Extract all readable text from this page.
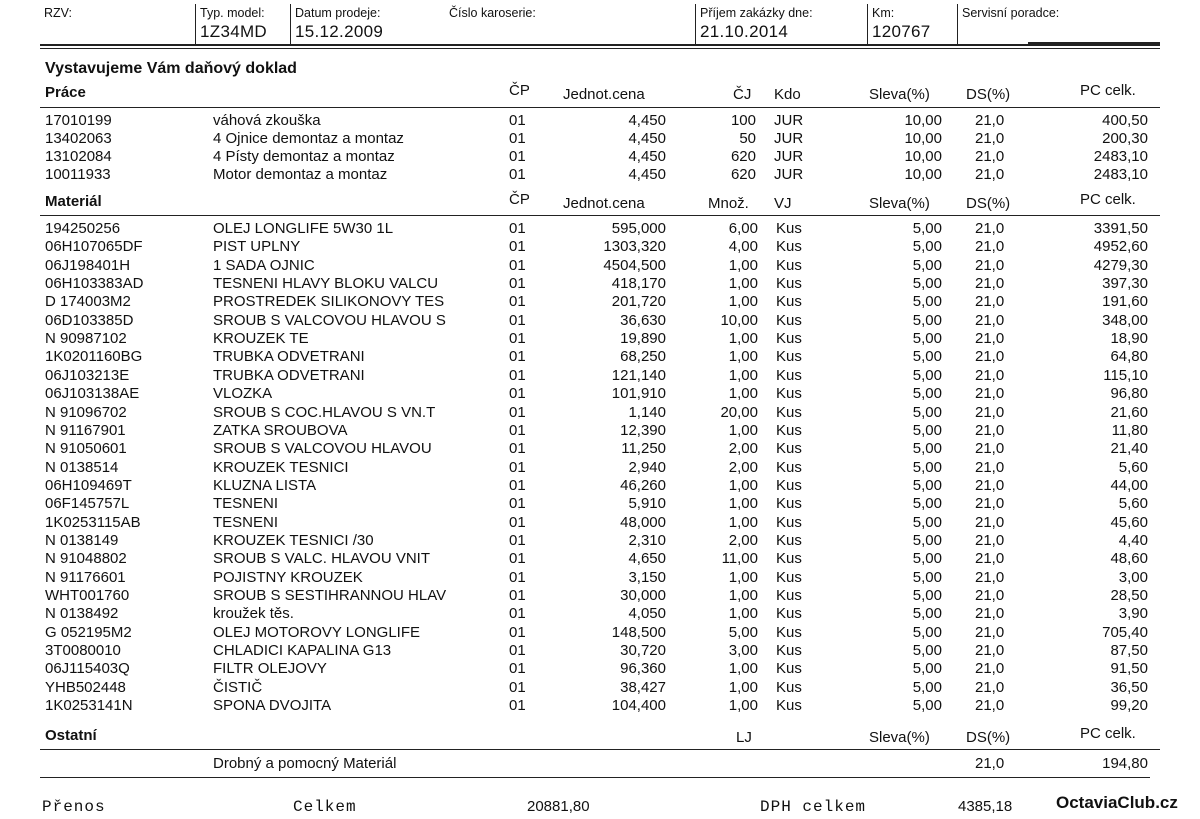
RZV:	Typ. model:
1Z34MD
Datum prodeje:
15.12.2009
Číslo karoserie:	Příjem zakázky dne:
21.10.2014
Km:
120767
Servisní poradce:
Vystavujeme Vám daňový doklad
Práce	ČP Jednot.cena	ČJ Kdo	Sleva(%) DS(%)	PC celk.
17010199	váhová zkouška	01	4,450	100 JUR	10,00 21,0	400,50
13402063	4 Ojnice demontaz a montaz	01	4,450	50 JUR	10,00 21,0	200,30
13102084	4 Písty demontaz a montaz	01	4,450	620 JUR	10,00 21,0	2483,10
10011933	Motor demontaz a montaz	01	4,450	620 JUR	10,00 21,0	2483,10
Materiál	ČP Jednot.cena	Množ. VJ	Sleva(%) DS(%)	PC celk.
194250256	OLEJ LONGLIFE 5W30 1L	01	595,000	6,00 Kus	5,00 21,0	3391,50
06H107065DF	PIST UPLNY	01	1303,320	4,00 Kus	5,00 21,0	4952,60
06J198401H	1 SADA OJNIC	01	4504,500	1,00 Kus	5,00 21,0	4279,30
06H103383AD	TESNENI HLAVY BLOKU VALCU	01	418,170	1,00 Kus	5,00 21,0	397,30
D 174003M2	PROSTREDEK SILIKONOVY TES	01	201,720	1,00 Kus	5,00 21,0	191,60
06D103385D	SROUB S VALCOVOU HLAVOU S	01	36,630	10,00 Kus	5,00 21,0	348,00
N 90987102	KROUZEK TE	01	19,890	1,00 Kus	5,00 21,0	18,90
1K0201160BG	TRUBKA ODVETRANI	01	68,250	1,00 Kus	5,00 21,0	64,80
06J103213E	TRUBKA ODVETRANI	01	121,140	1,00 Kus	5,00 21,0	115,10
06J103138AE	VLOZKA	01	101,910	1,00 Kus	5,00 21,0	96,80
N 91096702	SROUB S COC.HLAVOU S VN.T	01	1,140	20,00 Kus	5,00 21,0	21,60
N 91167901	ZATKA SROUBOVA	01	12,390	1,00 Kus	5,00 21,0	11,80
N 91050601	SROUB S VALCOVOU HLAVOU	01	11,250	2,00 Kus	5,00 21,0	21,40
N 0138514	KROUZEK TESNICI	01	2,940	2,00 Kus	5,00 21,0	5,60
06H109469T	KLUZNA LISTA	01	46,260	1,00 Kus	5,00 21,0	44,00
06F145757L	TESNENI	01	5,910	1,00 Kus	5,00 21,0	5,60
1K0253115AB	TESNENI	01	48,000	1,00 Kus	5,00 21,0	45,60
N 0138149	KROUZEK TESNICI /30	01	2,310	2,00 Kus	5,00 21,0	4,40
N 91048802	SROUB S VALC. HLAVOU VNIT	01	4,650	11,00 Kus	5,00 21,0	48,60
N 91176601	POJISTNY KROUZEK	01	3,150	1,00 Kus	5,00 21,0	3,00
WHT001760	SROUB S SESTIHRANNOU HLAV	01	30,000	1,00 Kus	5,00 21,0	28,50
N 0138492	kroužek těs.	01	4,050	1,00 Kus	5,00 21,0	3,90
G 052195M2	OLEJ MOTOROVY LONGLIFE	01	148,500	5,00 Kus	5,00 21,0	705,40
3T0080010	CHLADICI KAPALINA G13	01	30,720	3,00 Kus	5,00 21,0	87,50
06J115403Q	FILTR OLEJOVY	01	96,360	1,00 Kus	5,00 21,0	91,50
YHB502448	ČISTIČ	01	38,427	1,00 Kus	5,00 21,0	36,50
1K0253141N	SPONA DVOJITA	01	104,400	1,00 Kus	5,00 21,0	99,20
Ostatní	LJ	Sleva(%) DS(%)	PC celk.
Drobný a pomocný Materiál	21,0	194,80
Přenos	Celkem	20881,80	DPH celkem	4385,18	OctaviaClub.cz
